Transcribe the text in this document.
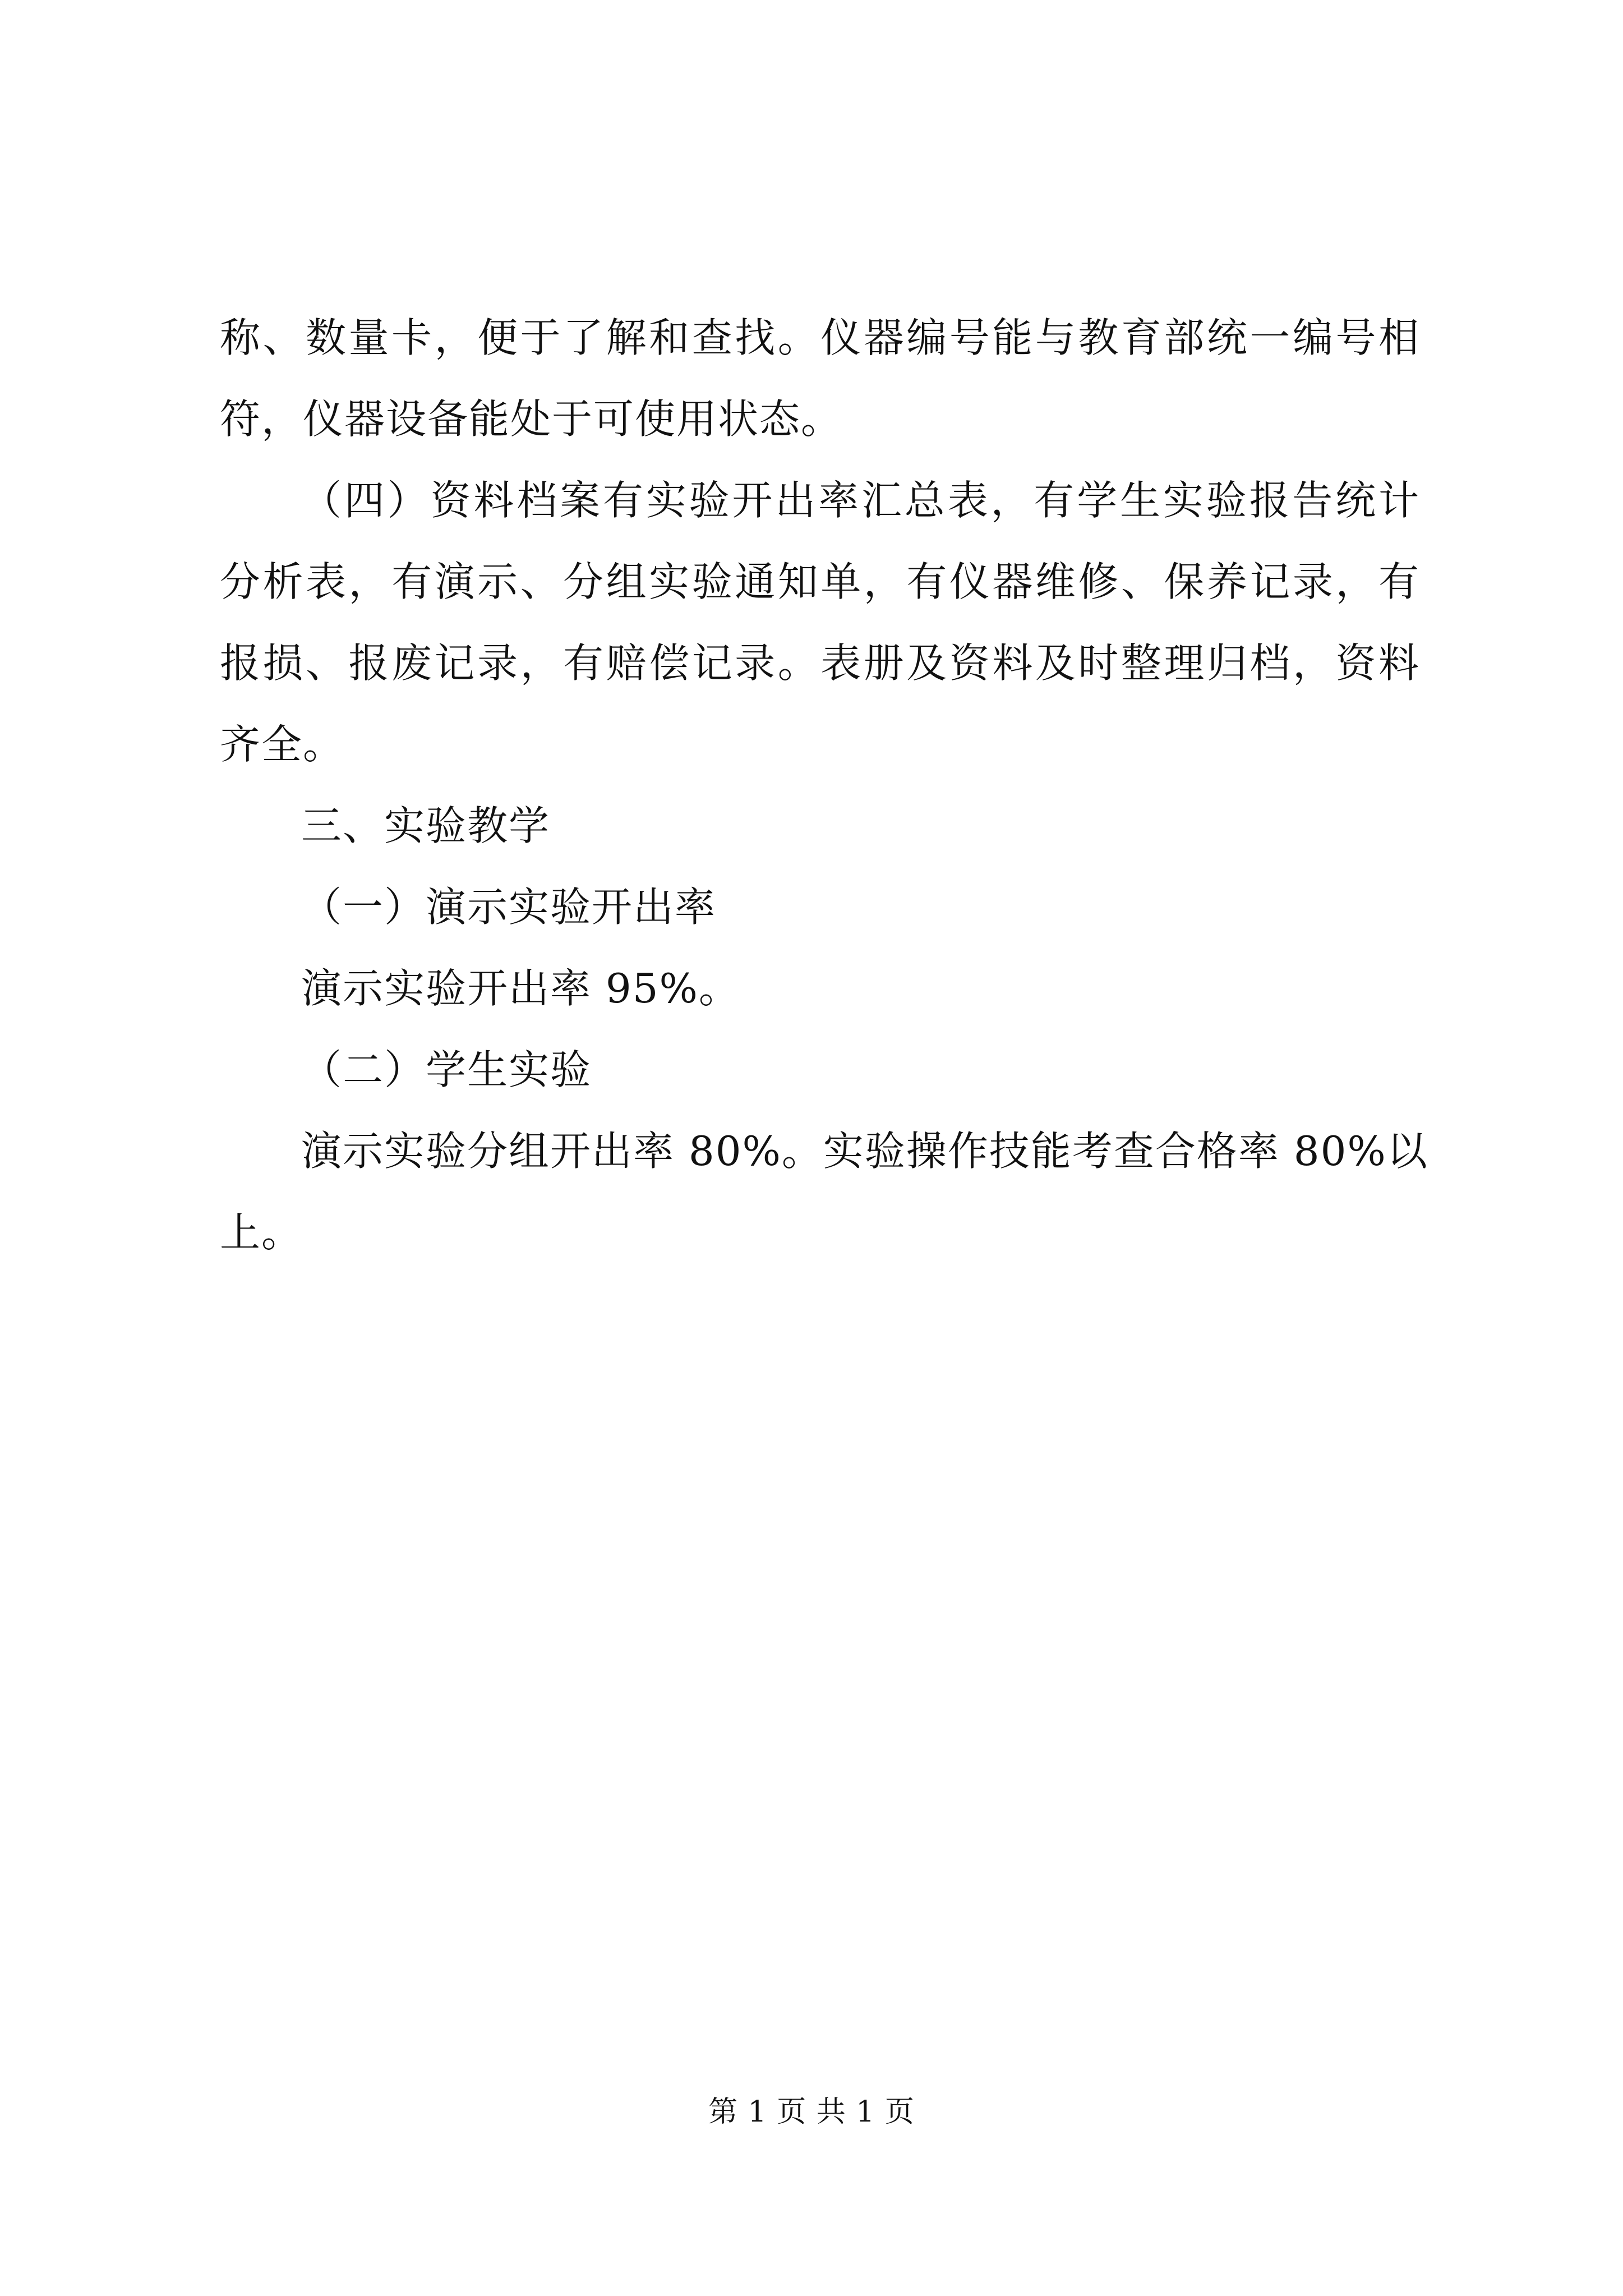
称、数量卡，便于了解和查找。仪器编号能与教育部统一编号相
符，仪器设备能处于可使用状态。
（四）资料档案有实验开出率汇总表，有学生实验报告统计
分析表，有演示、分组实验通知单，有仪器维修、保养记录，有
报损、报废记录，有赔偿记录。表册及资料及时整理归档，资料
齐全。
三、实验教学
（一）演示实验开出率
演示实验开出率 95%。
（二）学生实验
演示实验分组开出率 80%。实验操作技能考查合格率 80%以
上。
第 1 页 共 1 页
